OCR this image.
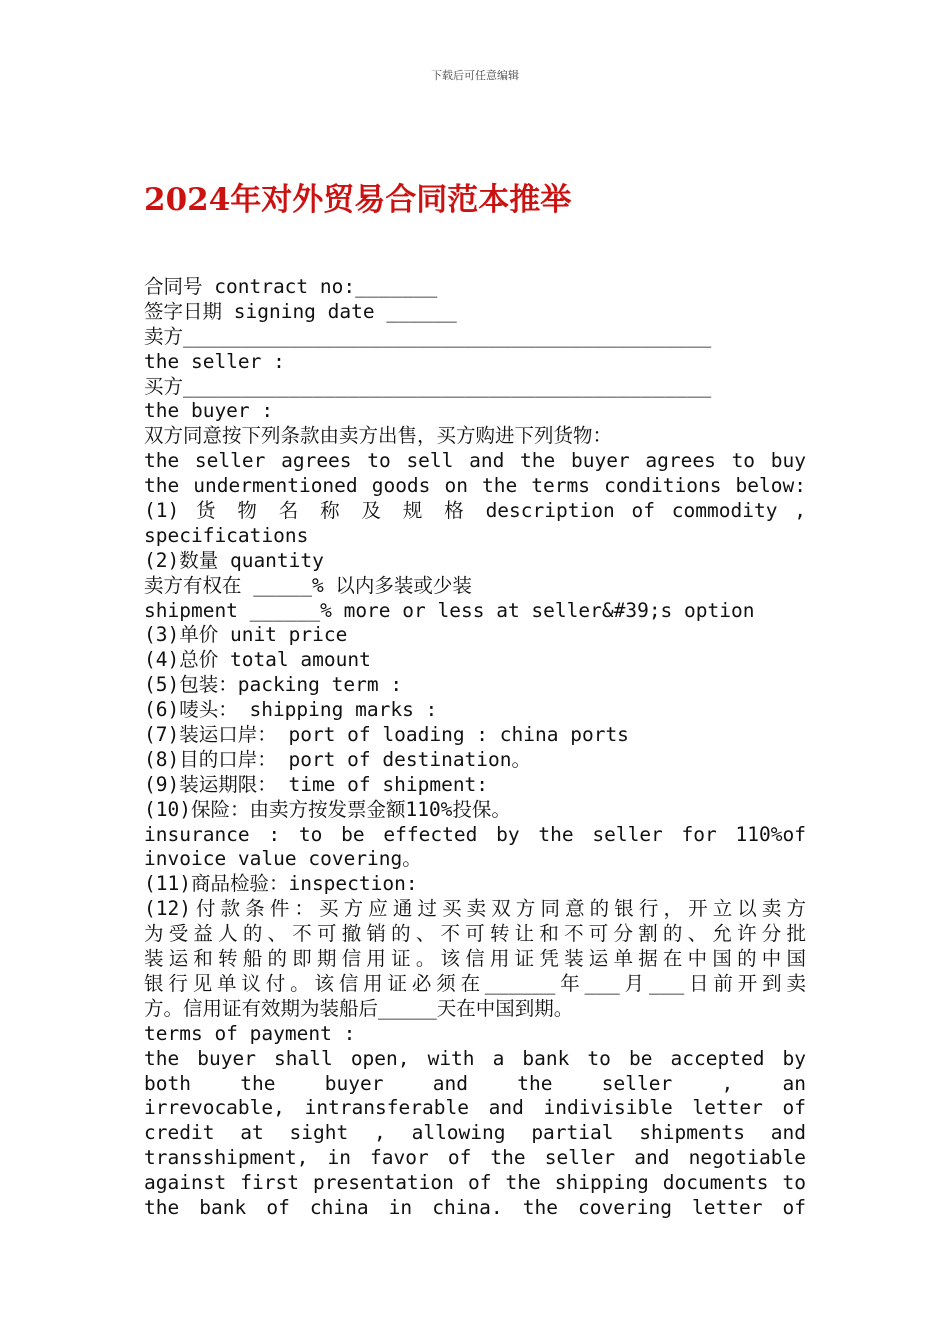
下载后可任意编辑
2024年对外贸易合同范本推举
合同号 contract no:_______
签字日期 signing date ______
卖方_____________________________________________
the seller :
买方_____________________________________________
the buyer :
双方同意按下列条款由卖方出售，买方购进下列货物：
the seller agrees to sell and the buyer agrees to buy
the undermentioned goods on the terms conditions below:
(1) 货 物 名 称 及 规 格 description of commodity ,
specifications
(2)数量 quantity
卖方有权在 _____% 以内多装或少装
shipment ______% more or less at seller&#39;s option
(3)单价 unit price
(4)总价 total amount
(5)包装：packing term :
(6)唛头： shipping marks :
(7)装运口岸： port of loading : china ports
(8)目的口岸： port of destination。
(9)装运期限： time of shipment:
(10)保险：由卖方按发票金额110%投保。
insurance : to be effected by the seller for 110%of
invoice value covering。
(11)商品检验：inspection:
(12)付款条件：买方应通过买卖双方同意的银行，开立以卖方
为受益人的、不可撤销的、不可转让和不可分割的、允许分批
装运和转船的即期信用证。该信用证凭装运单据在中国的中国
银行见单议付。该信用证必须在______年___月___日前开到卖
方。信用证有效期为装船后_____天在中国到期。
terms of payment :
the buyer shall open, with a bank to be accepted by
both the buyer and the seller , an
irrevocable, intransferable and indivisible letter of
credit at sight , allowing partial shipments and
transshipment, in favor of the seller and negotiable
against first presentation of the shipping documents to
the bank of china in china. the covering letter of
